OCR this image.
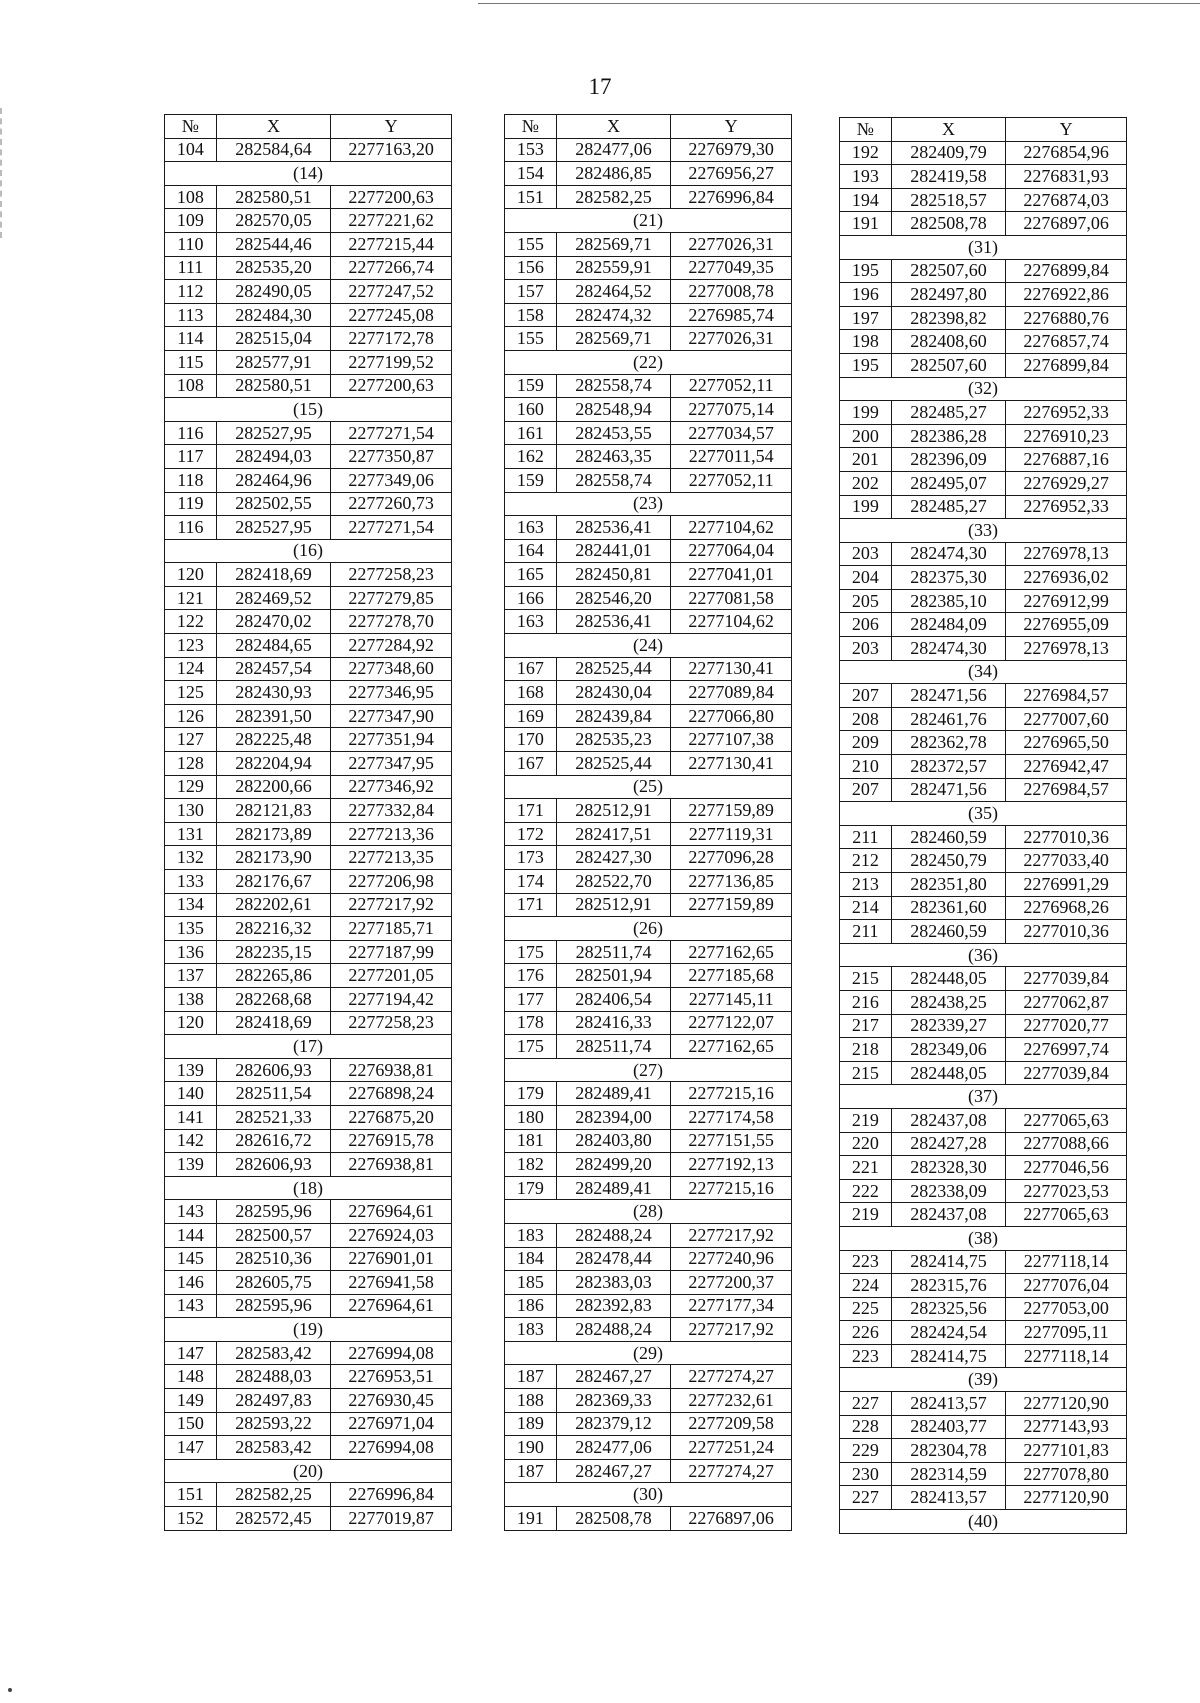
17
№	X	Y
104	282584,64	2277163,20
(14)		
108	282580,51	2277200,63
109	282570,05	2277221,62
110	282544,46	2277215,44
111	282535,20	2277266,74
112	282490,05	2277247,52
113	282484,30	2277245,08
114	282515,04	2277172,78
115	282577,91	2277199,52
108	282580,51	2277200,63
(15)		
116	282527,95	2277271,54
117	282494,03	2277350,87
118	282464,96	2277349,06
119	282502,55	2277260,73
116	282527,95	2277271,54
(16)		
120	282418,69	2277258,23
121	282469,52	2277279,85
122	282470,02	2277278,70
123	282484,65	2277284,92
124	282457,54	2277348,60
125	282430,93	2277346,95
126	282391,50	2277347,90
127	282225,48	2277351,94
128	282204,94	2277347,95
129	282200,66	2277346,92
130	282121,83	2277332,84
131	282173,89	2277213,36
132	282173,90	2277213,35
133	282176,67	2277206,98
134	282202,61	2277217,92
135	282216,32	2277185,71
136	282235,15	2277187,99
137	282265,86	2277201,05
138	282268,68	2277194,42
120	282418,69	2277258,23
(17)		
139	282606,93	2276938,81
140	282511,54	2276898,24
141	282521,33	2276875,20
142	282616,72	2276915,78
139	282606,93	2276938,81
(18)		
143	282595,96	2276964,61
144	282500,57	2276924,03
145	282510,36	2276901,01
146	282605,75	2276941,58
143	282595,96	2276964,61
(19)		
147	282583,42	2276994,08
148	282488,03	2276953,51
149	282497,83	2276930,45
150	282593,22	2276971,04
147	282583,42	2276994,08
(20)		
151	282582,25	2276996,84
152	282572,45	2277019,87
№	X	Y
153	282477,06	2276979,30
154	282486,85	2276956,27
151	282582,25	2276996,84
(21)		
155	282569,71	2277026,31
156	282559,91	2277049,35
157	282464,52	2277008,78
158	282474,32	2276985,74
155	282569,71	2277026,31
(22)		
159	282558,74	2277052,11
160	282548,94	2277075,14
161	282453,55	2277034,57
162	282463,35	2277011,54
159	282558,74	2277052,11
(23)		
163	282536,41	2277104,62
164	282441,01	2277064,04
165	282450,81	2277041,01
166	282546,20	2277081,58
163	282536,41	2277104,62
(24)		
167	282525,44	2277130,41
168	282430,04	2277089,84
169	282439,84	2277066,80
170	282535,23	2277107,38
167	282525,44	2277130,41
(25)		
171	282512,91	2277159,89
172	282417,51	2277119,31
173	282427,30	2277096,28
174	282522,70	2277136,85
171	282512,91	2277159,89
(26)		
175	282511,74	2277162,65
176	282501,94	2277185,68
177	282406,54	2277145,11
178	282416,33	2277122,07
175	282511,74	2277162,65
(27)		
179	282489,41	2277215,16
180	282394,00	2277174,58
181	282403,80	2277151,55
182	282499,20	2277192,13
179	282489,41	2277215,16
(28)		
183	282488,24	2277217,92
184	282478,44	2277240,96
185	282383,03	2277200,37
186	282392,83	2277177,34
183	282488,24	2277217,92
(29)		
187	282467,27	2277274,27
188	282369,33	2277232,61
189	282379,12	2277209,58
190	282477,06	2277251,24
187	282467,27	2277274,27
(30)		
191	282508,78	2276897,06
№	X	Y
192	282409,79	2276854,96
193	282419,58	2276831,93
194	282518,57	2276874,03
191	282508,78	2276897,06
(31)		
195	282507,60	2276899,84
196	282497,80	2276922,86
197	282398,82	2276880,76
198	282408,60	2276857,74
195	282507,60	2276899,84
(32)		
199	282485,27	2276952,33
200	282386,28	2276910,23
201	282396,09	2276887,16
202	282495,07	2276929,27
199	282485,27	2276952,33
(33)		
203	282474,30	2276978,13
204	282375,30	2276936,02
205	282385,10	2276912,99
206	282484,09	2276955,09
203	282474,30	2276978,13
(34)		
207	282471,56	2276984,57
208	282461,76	2277007,60
209	282362,78	2276965,50
210	282372,57	2276942,47
207	282471,56	2276984,57
(35)		
211	282460,59	2277010,36
212	282450,79	2277033,40
213	282351,80	2276991,29
214	282361,60	2276968,26
211	282460,59	2277010,36
(36)		
215	282448,05	2277039,84
216	282438,25	2277062,87
217	282339,27	2277020,77
218	282349,06	2276997,74
215	282448,05	2277039,84
(37)		
219	282437,08	2277065,63
220	282427,28	2277088,66
221	282328,30	2277046,56
222	282338,09	2277023,53
219	282437,08	2277065,63
(38)		
223	282414,75	2277118,14
224	282315,76	2277076,04
225	282325,56	2277053,00
226	282424,54	2277095,11
223	282414,75	2277118,14
(39)		
227	282413,57	2277120,90
228	282403,77	2277143,93
229	282304,78	2277101,83
230	282314,59	2277078,80
227	282413,57	2277120,90
(40)		
